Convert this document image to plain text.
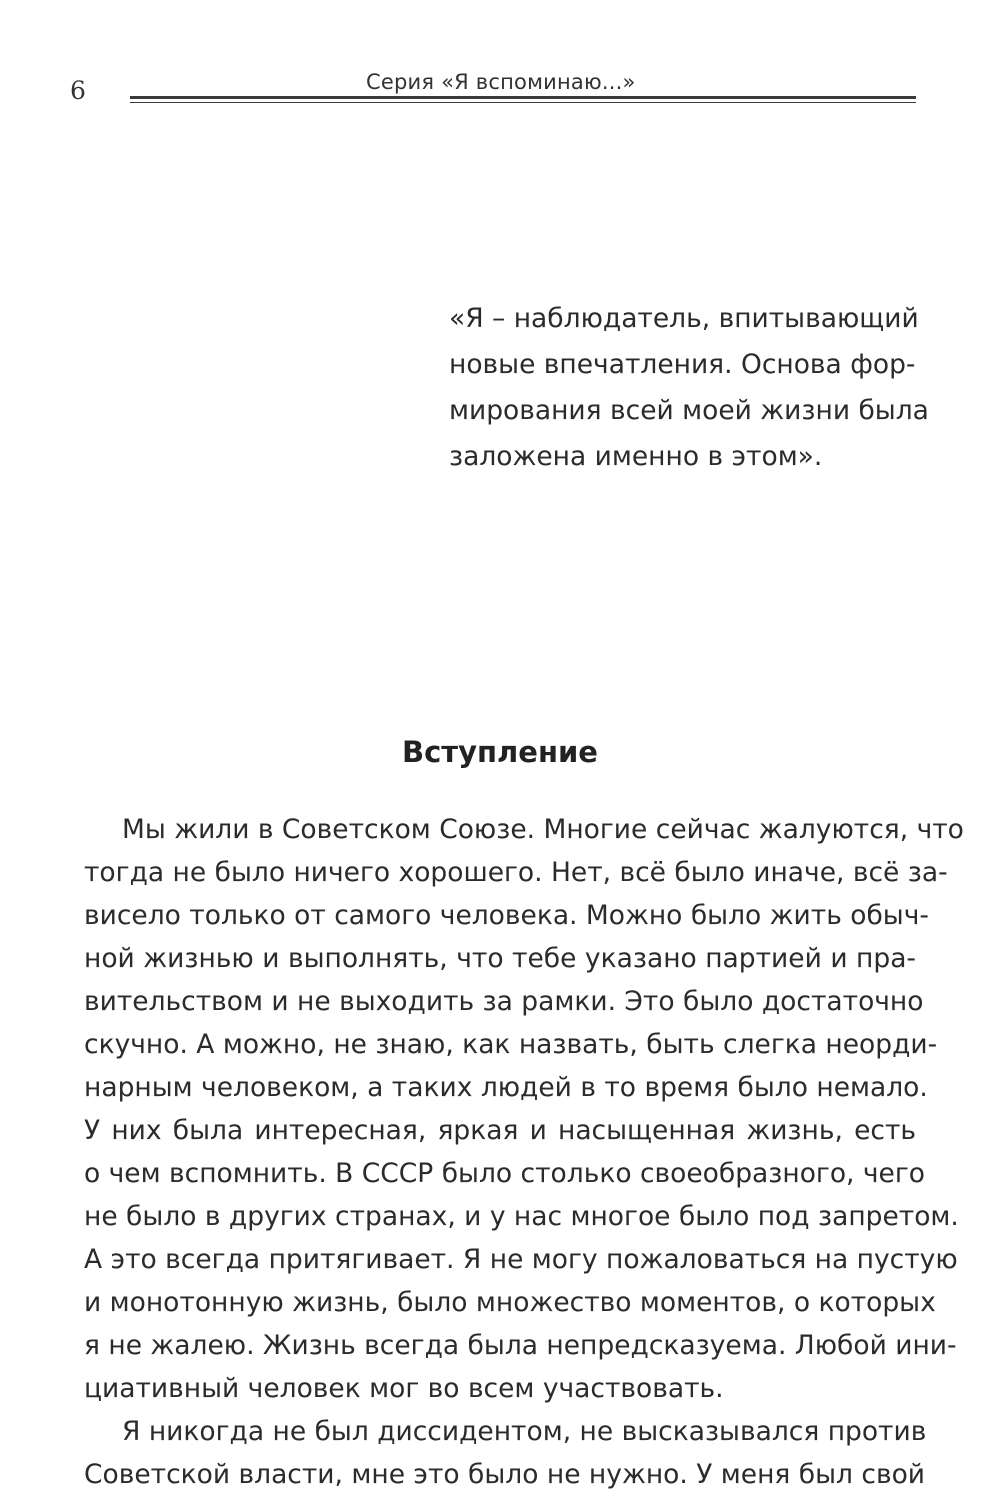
6	Серия «Я вспоминаю...»
«Я – наблюдатель, впитывающий
новые впечатления. Основа фор-
мирования всей моей жизни была
заложена именно в этом».
Вступление
Мы жили в Советском Союзе. Многие сейчас жалуются, что
тогда не было ничего хорошего. Нет, всё было иначе, всё за-
висело только от самого человека. Можно было жить обыч-
ной жизнью и выполнять, что тебе указано партией и пра-
вительством и не выходить за рамки. Это было достаточно
скучно. А можно, не знаю, как назвать, быть слегка неорди-
нарным человеком, а таких людей в то время было немало.
У них была интересная, яркая и насыщенная жизнь, есть
о чем вспомнить. В СССР было столько своеобразного, чего
не было в других странах, и у нас многое было под запретом.
А это всегда притягивает. Я не могу пожаловаться на пустую
и монотонную жизнь, было множество моментов, о которых
я не жалею. Жизнь всегда была непредсказуема. Любой ини-
циативный человек мог во всем участвовать.
Я никогда не был диссидентом, не высказывался против
Советской власти, мне это было не нужно. У меня был свой
